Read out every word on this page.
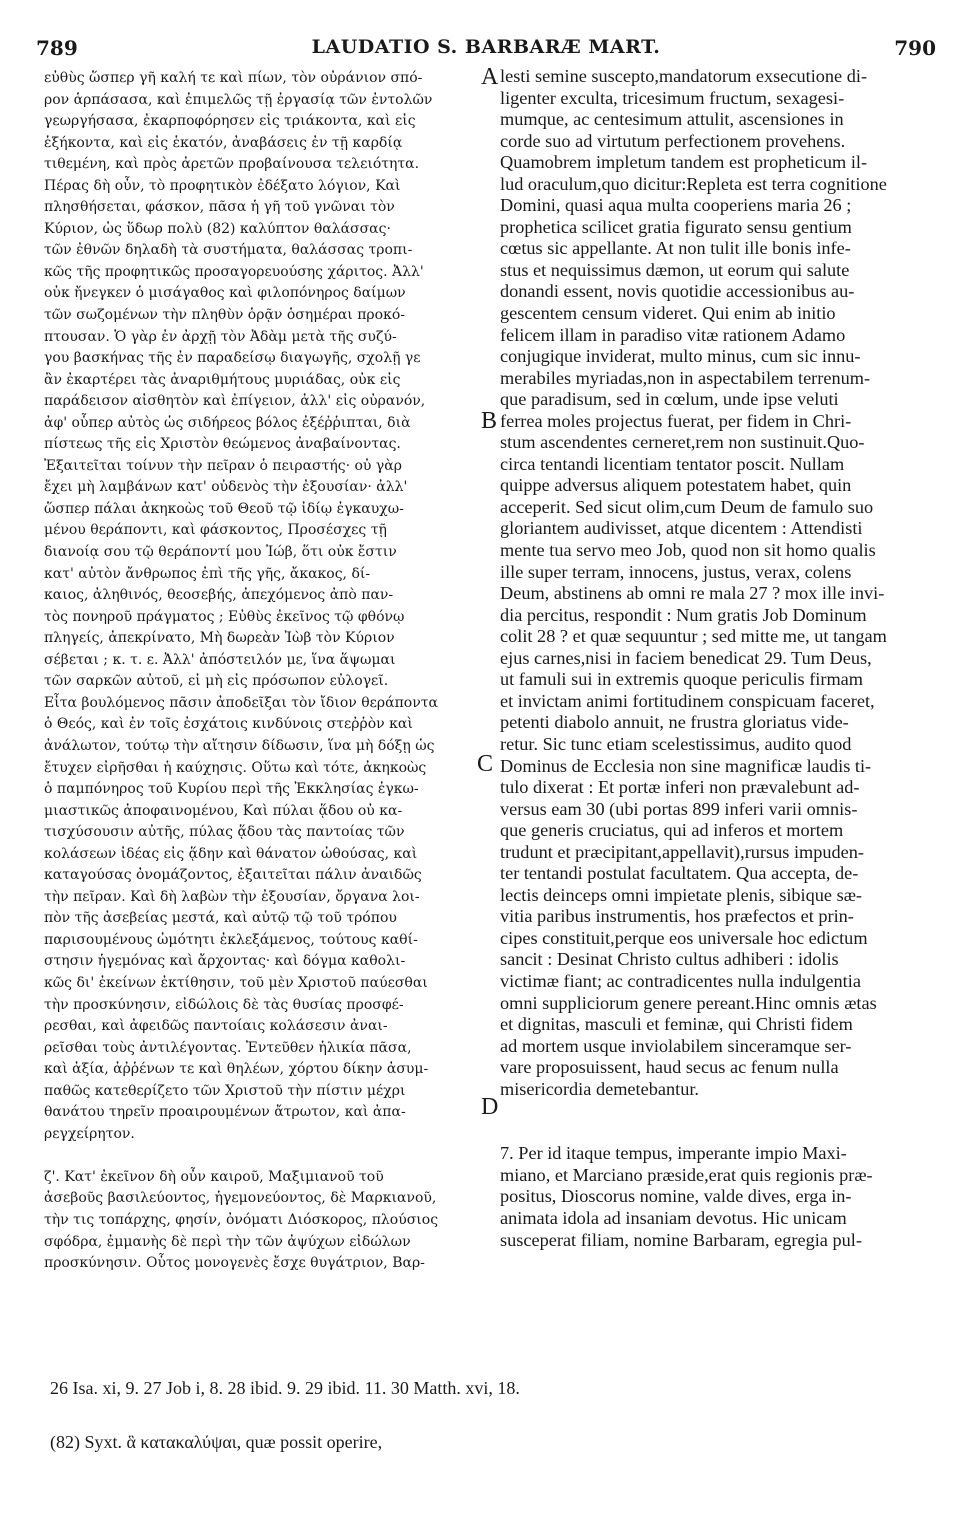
789	LAUDATIO S. BARBARÆ MART.	790
εὐθὺς ὥσπερ γῆ καλή τε καὶ πίων, τὸν οὐράνιον σπό-
ρον ἁρπάσασα, καὶ ἐπιμελῶς τῇ ἐργασίᾳ τῶν ἐντολῶν
γεωργήσασα, ἐκαρποφόρησεν εἰς τριάκοντα, καὶ εἰς
ἑξήκοντα, καὶ εἰς ἑκατόν, ἀναβάσεις ἐν τῇ καρδίᾳ
τιθεμένη, καὶ πρὸς ἀρετῶν προβαίνουσα τελειότητα.
Πέρας δὴ οὖν, τὸ προφητικὸν ἐδέξατο λόγιον, Καὶ
πλησθήσεται, φάσκον, πᾶσα ἡ γῆ τοῦ γνῶναι τὸν
Κύριον, ὡς ὕδωρ πολὺ (82) καλύπτον θαλάσσας·
τῶν ἐθνῶν δηλαδὴ τὰ συστήματα, θαλάσσας τροπι-
κῶς τῆς προφητικῶς προσαγορευούσης χάριτος. Ἀλλ'
οὐκ ἤνεγκεν ὁ μισάγαθος καὶ φιλοπόνηρος δαίμων
τῶν σωζομένων τὴν πληθὺν ὁρᾷν ὁσημέραι προκό-
πτουσαν. Ὁ γὰρ ἐν ἀρχῇ τὸν Ἀδὰμ μετὰ τῆς συζύ-
γου βασκήνας τῆς ἐν παραδείσῳ διαγωγῆς, σχολῇ γε
ἂν ἐκαρτέρει τὰς ἀναριθμήτους μυριάδας, οὐκ εἰς
παράδεισον αἰσθητὸν καὶ ἐπίγειον, ἀλλ' εἰς οὐρανόν,
ἀφ' οὗπερ αὐτὸς ὡς σιδήρεος βόλος ἐξέῤῥιπται, διὰ
πίστεως τῆς εἰς Χριστὸν θεώμενος ἀναβαίνοντας.
Ἐξαιτεῖται τοίνυν τὴν πεῖραν ὁ πειραστής· οὐ γὰρ
ἔχει μὴ λαμβάνων κατ' οὐδενὸς τὴν ἐξουσίαν· ἀλλ'
ὥσπερ πάλαι ἀκηκοὼς τοῦ Θεοῦ τῷ ἰδίῳ ἐγκαυχω-
μένου θεράποντι, καὶ φάσκοντος, Προσέσχες τῇ
διανοίᾳ σου τῷ θεράποντί μου Ἰώβ, ὅτι οὐκ ἔστιν
κατ' αὐτὸν ἄνθρωπος ἐπὶ τῆς γῆς, ἄκακος, δί-
καιος, ἀληθινός, θεοσεβής, ἀπεχόμενος ἀπὸ παν-
τὸς πονηροῦ πράγματος ; Εὐθὺς ἐκεῖνος τῷ φθόνῳ
πληγείς, ἀπεκρίνατο, Μὴ δωρεὰν Ἰὼβ τὸν Κύριον
σέβεται ; κ. τ. ε. Ἀλλ' ἀπόστειλόν με, ἵνα ἅψωμαι
τῶν σαρκῶν αὐτοῦ, εἰ μὴ εἰς πρόσωπον εὐλογεῖ.
Εἶτα βουλόμενος πᾶσιν ἀποδεῖξαι τὸν ἴδιον θεράποντα
ὁ Θεός, καὶ ἐν τοῖς ἐσχάτοις κινδύνοις στεῤῥὸν καὶ
ἀνάλωτον, τούτῳ τὴν αἴτησιν δίδωσιν, ἵνα μὴ δόξῃ ὡς
ἔτυχεν εἰρῆσθαι ἡ καύχησις. Οὕτω καὶ τότε, ἀκηκοὼς
ὁ παμπόνηρος τοῦ Κυρίου περὶ τῆς Ἐκκλησίας ἐγκω-
μιαστικῶς ἀποφαινομένου, Καὶ πύλαι ᾅδου οὐ κα-
τισχύσουσιν αὐτῆς, πύλας ᾅδου τὰς παντοίας τῶν
κολάσεων ἰδέας εἰς ᾅδην καὶ θάνατον ὠθούσας, καὶ
καταγούσας ὀνομάζοντος, ἐξαιτεῖται πάλιν ἀναιδῶς
τὴν πεῖραν. Καὶ δὴ λαβὼν τὴν ἐξουσίαν, ὄργανα λοι-
πὸν τῆς ἀσεβείας μεστά, καὶ αὐτῷ τῷ τοῦ τρόπου
παρισουμένους ὠμότητι ἐκλεξάμενος, τούτους καθί-
στησιν ἡγεμόνας καὶ ἄρχοντας· καὶ δόγμα καθολι-
κῶς δι' ἐκείνων ἐκτίθησιν, τοῦ μὲν Χριστοῦ παύεσθαι
τὴν προσκύνησιν, εἰδώλοις δὲ τὰς θυσίας προσφέ-
ρεσθαι, καὶ ἀφειδῶς παντοίαις κολάσεσιν ἀναι-
ρεῖσθαι τοὺς ἀντιλέγοντας. Ἐντεῦθεν ἡλικία πᾶσα,
καὶ ἀξία, ἀῤῥένων τε καὶ θηλέων, χόρτου δίκην ἀσυμ-
παθῶς κατεθερίζετο τῶν Χριστοῦ τὴν πίστιν μέχρι
θανάτου τηρεῖν προαιρουμένων ἄτρωτον, καὶ ἀπα-
ρεγχείρητον.
ζ'. Κατ' ἐκεῖνον δὴ οὖν καιροῦ, Μαξιμιανοῦ τοῦ
ἀσεβοῦς βασιλεύοντος, ἡγεμονεύοντος, δὲ Μαρκιανοῦ,
τὴν τις τοπάρχης, φησίν, ὀνόματι Διόσκορος, πλούσιος
σφόδρα, ἐμμανὴς δὲ περὶ τὴν τῶν ἀψύχων εἰδώλων
προσκύνησιν. Οὗτος μονογενὲς ἔσχε θυγάτριον, Βαρ-
lesti semine suscepto,mandatorum exsecutione di-
ligenter exculta, tricesimum fructum, sexagesi-
mumque, ac centesimum attulit, ascensiones in
corde suo ad virtutum perfectionem provehens.
Quamobrem impletum tandem est propheticum il-
lud oraculum,quo dicitur:Repleta est terra cognitione
Domini, quasi aqua multa cooperiens maria 26 ;
prophetica scilicet gratia figurato sensu gentium
cœtus sic appellante. At non tulit ille bonis infe-
stus et nequissimus dæmon, ut eorum qui salute
donandi essent, novis quotidie accessionibus au-
gescentem censum videret. Qui enim ab initio
felicem illam in paradiso vitæ rationem Adamo
conjugique inviderat, multo minus, cum sic innu-
merabiles myriadas,non in aspectabilem terrenum-
que paradisum, sed in cœlum, unde ipse veluti
ferrea moles projectus fuerat, per fidem in Chri-
stum ascendentes cerneret,rem non sustinuit.Quo-
circa tentandi licentiam tentator poscit. Nullam
quippe adversus aliquem potestatem habet, quin
acceperit. Sed sicut olim,cum Deum de famulo suo
gloriantem audivisset, atque dicentem : Attendisti
mente tua servo meo Job, quod non sit homo qualis
ille super terram, innocens, justus, verax, colens
Deum, abstinens ab omni re mala 27 ? mox ille invi-
dia percitus, respondit : Num gratis Job Dominum
colit 28 ? et quæ sequuntur ; sed mitte me, ut tangam
ejus carnes,nisi in faciem benedicat 29. Tum Deus,
ut famuli sui in extremis quoque periculis firmam
et invictam animi fortitudinem conspicuam faceret,
petenti diabolo annuit, ne frustra gloriatus vide-
retur. Sic tunc etiam scelestissimus, audito quod
Dominus de Ecclesia non sine magnificæ laudis ti-
tulo dixerat : Et portæ inferi non prævalebunt ad-
versus eam 30 (ubi portas 899 inferi varii omnis-
que generis cruciatus, qui ad inferos et mortem
trudunt et præcipitant,appellavit),rursus impuden-
ter tentandi postulat facultatem. Qua accepta, de-
lectis deinceps omni impietate plenis, sibique sæ-
vitia paribus instrumentis, hos præfectos et prin-
cipes constituit,perque eos universale hoc edictum
sancit : Desinat Christo cultus adhiberi : idolis
victimæ fiant; ac contradicentes nulla indulgentia
omni suppliciorum genere pereant.Hinc omnis ætas
et dignitas, masculi et feminæ, qui Christi fidem
ad mortem usque inviolabilem sinceramque ser-
vare proposuissent, haud secus ac fenum nulla
misericordia demetebantur.
7. Per id itaque tempus, imperante impio Maxi-
miano, et Marciano præside,erat quis regionis præ-
positus, Dioscorus nomine, valde dives, erga in-
animata idola ad insaniam devotus. Hic unicam
susceperat filiam, nomine Barbaram, egregia pul-
A
B
C
D
26 Isa. xi, 9. 27 Job i, 8. 28 ibid. 9. 29 ibid. 11. 30 Matth. xvi, 18.
(82) Syxt. ἃ κατακαλύψαι, quæ possit operire,
